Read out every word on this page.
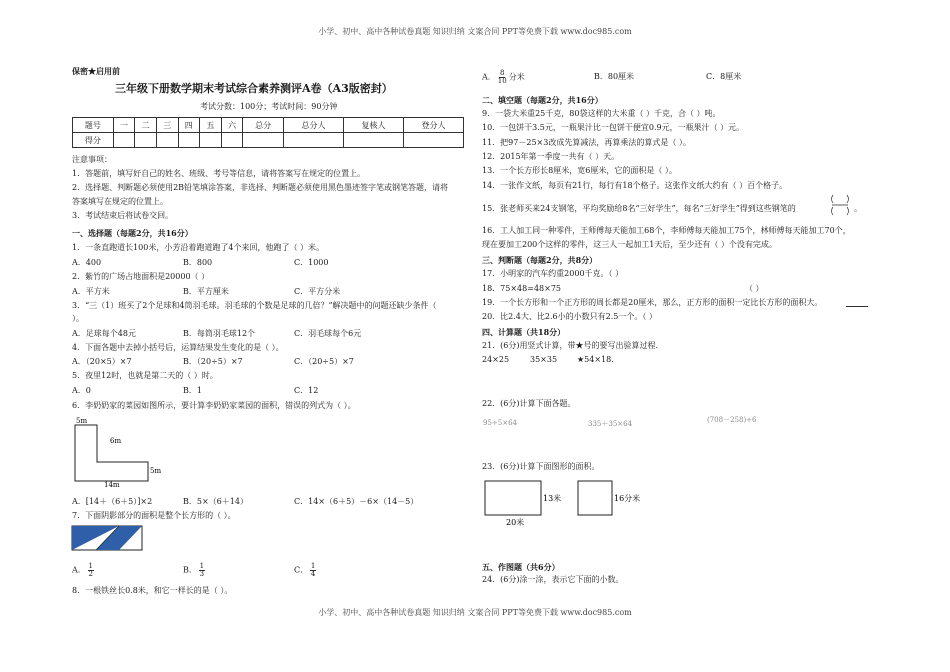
小学、初中、高中各种试卷真题 知识归纳 文案合同 PPT等免费下载 www.doc985.com
小学、初中、高中各种试卷真题 知识归纳 文案合同 PPT等免费下载 www.doc985.com
保密★启用前
三年级下册数学期末考试综合素养测评A卷（A3版密封）
考试分数：100分；考试时间：90分钟
题号	一	二	三	四	五	六	总分	总分人	复核人	登分人
得分										
注意事项：
1．答题前，填写好自己的姓名、班级、考号等信息，请将答案写在规定的位置上。
2．选择题、判断题必须使用2B铅笔填涂答案，非选择、判断题必须使用黑色墨迹签字笔或钢笔答题，请将
答案填写在规定的位置上。
3．考试结束后将试卷交回。
一、选择题（每题2分，共16分）
1．一条直跑道长100米，小芳沿着跑道跑了4个来回，他跑了（ ）米。
A．400	B．800	C．1000
2．紫竹的广场占地面积是20000（ ）
A．平方米	B．平方厘米	C．平方分米
3．“三（1）班买了2个足球和4筒羽毛球。羽毛球的个数是足球的几倍？”解决题中的问题还缺少条件（
）。
A．足球每个48元	B．每筒羽毛球12个	C．羽毛球每个6元
4．下面各题中去掉小括号后，运算结果发生变化的是（ ）。
A．（20×5）×7	B．（20÷5）×7	C．（20÷5）×7
5．夜里12时，也就是第二天的（ ）时。
A．0	B．1	C．12
6．李奶奶家的菜园如图所示，要计算李奶奶家菜园的面积，错误的列式为（ ）。
5m
6m
5m
14m
A．[14＋（6＋5）]×2	B．5×（6＋14）	C．14×（6＋5）－6×（14－5）
7．下面阴影部分的面积是整个长方形的（ ）。
A． $\frac{1}{2}$	B． $\frac{1}{3}$	C． $\frac{1}{4}$
8．一根铁丝长0.8米，和它一样长的是（ ）。
A． $\frac{8}{10}$ 分米	B．80厘米	C．8厘米
二、填空题（每题2分，共16分）
9．一袋大米重25千克，80袋这样的大米重（ ）千克，合（ ）吨。
10．一包饼干3.5元，一瓶果汁比一包饼干便宜0.9元，一瓶果汁（ ）元。
11．把97－25×3改成先算减法，再算乘法的算式是（ ）。
12．2015年第一季度一共有（ ）天。
13．一个长方形长8厘米，宽6厘米，它的面积是（ ）。
14．一张作文纸，每页有21行，每行有18个格子。这张作文纸大约有（ ）百个格子。
15．张老师买来24支钢笔，平均奖励给8名“三好学生”，每名“三好学生”得到这些钢笔的	。
16．工人加工同一种零件，王师傅每天能加工68个，李师傅每天能加工75个，林师傅每天能加工70个，
现在要加工200个这样的零件，这三人一起加工1天后，至少还有（ ）个没有完成。
三、判断题（每题2分，共8分）
17．小明家的汽车约重2000千克。（ ）
18．75×48=48×75	（ ）
19．一个长方形和一个正方形的周长都是20厘米，那么，正方形的面积一定比长方形的面积大。
20．比2.4大、比2.6小的小数只有2.5一个。（ ）
四、计算题（共18分）
21．(6分)用竖式计算，带★号的要写出验算过程．
24×25	35×35 ★54×18.
22．(6分)计算下面各题。
95÷5×64	335＋35×64	(708－258)÷6
23．(6分)计算下面图形的面积。
13米
20米
16分米
五、作图题（共6分）
24．(6分)涂一涂，表示它下面的小数。
